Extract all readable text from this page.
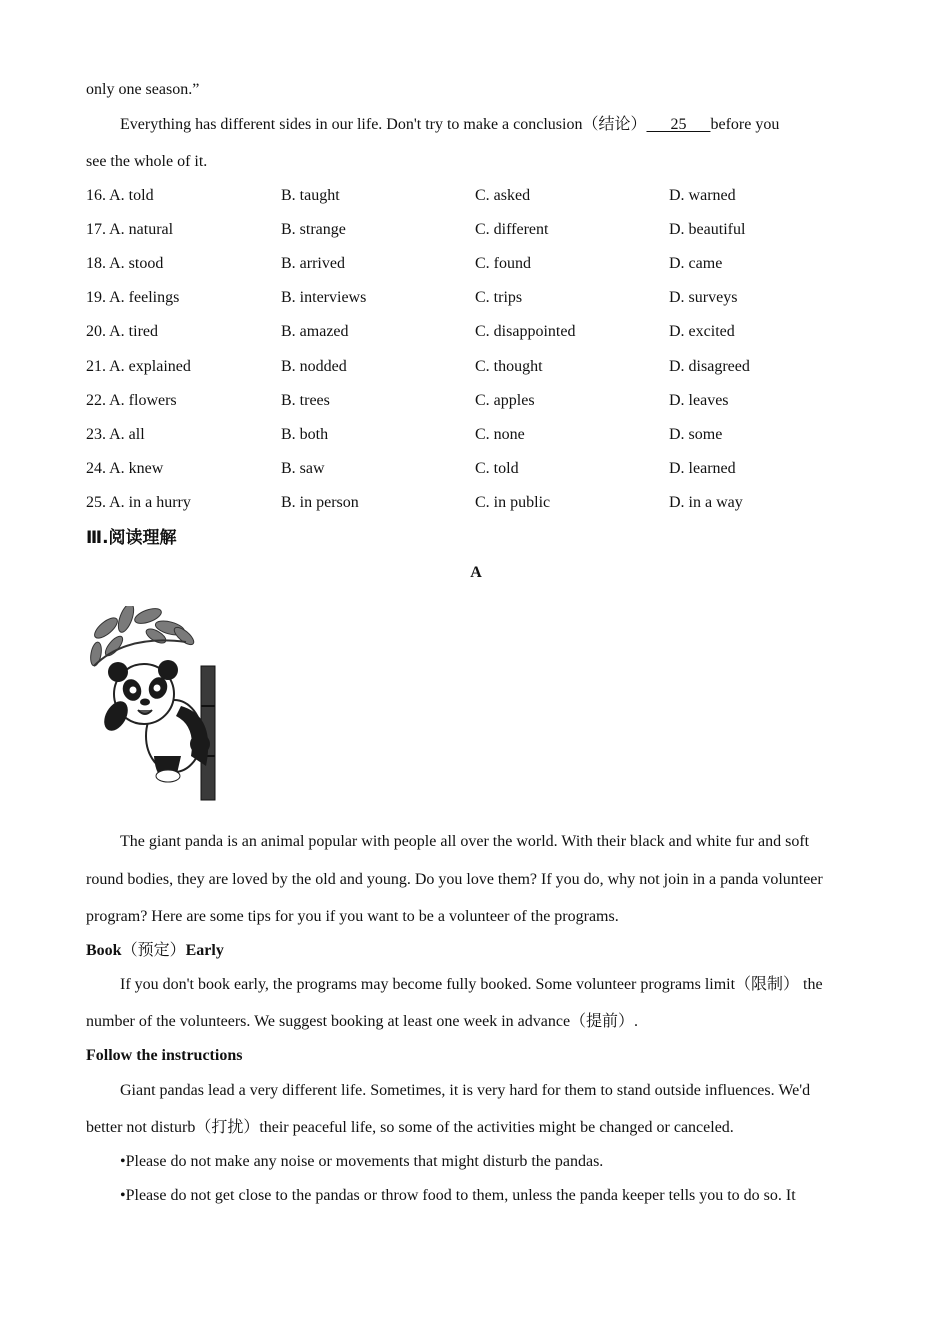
only one season.”
Everything has different sides in our life. Don't try to make a conclusion（结论）      25      before you
see the whole of it.
16. A. told	B. taught	C. asked	D. warned
17. A. natural	B. strange	C. different	D. beautiful
18. A. stood	B. arrived	C. found	D. came
19. A. feelings	B. interviews	C. trips	D. surveys
20. A. tired	B. amazed	C. disappointed	D. excited
21. A. explained	B. nodded	C. thought	D. disagreed
22. A. flowers	B. trees	C. apples	D. leaves
23. A. all	B. both	C. none	D. some
24. A. knew	B. saw	C. told	D. learned
25. A. in a hurry	B. in person	C. in public	D. in a way
Ⅲ.阅读理解
A
The giant panda is an animal popular with people all over the world. With their black and white fur and soft
round bodies, they are loved by the old and young. Do you love them? If you do, why not join in a panda volunteer
program? Here are some tips for you if you want to be a volunteer of the programs.
Book（预定）Early
If you don't book early, the programs may become fully booked. Some volunteer programs limit（限制） the
number of the volunteers. We suggest booking at least one week in advance（提前）.
Follow the instructions
Giant pandas lead a very different life. Sometimes, it is very hard for them to stand outside influences. We'd
better not disturb（打扰）their peaceful life, so some of the activities might be changed or canceled.
•Please do not make any noise or movements that might disturb the pandas.
•Please do not get close to the pandas or throw food to them, unless the panda keeper tells you to do so. It
